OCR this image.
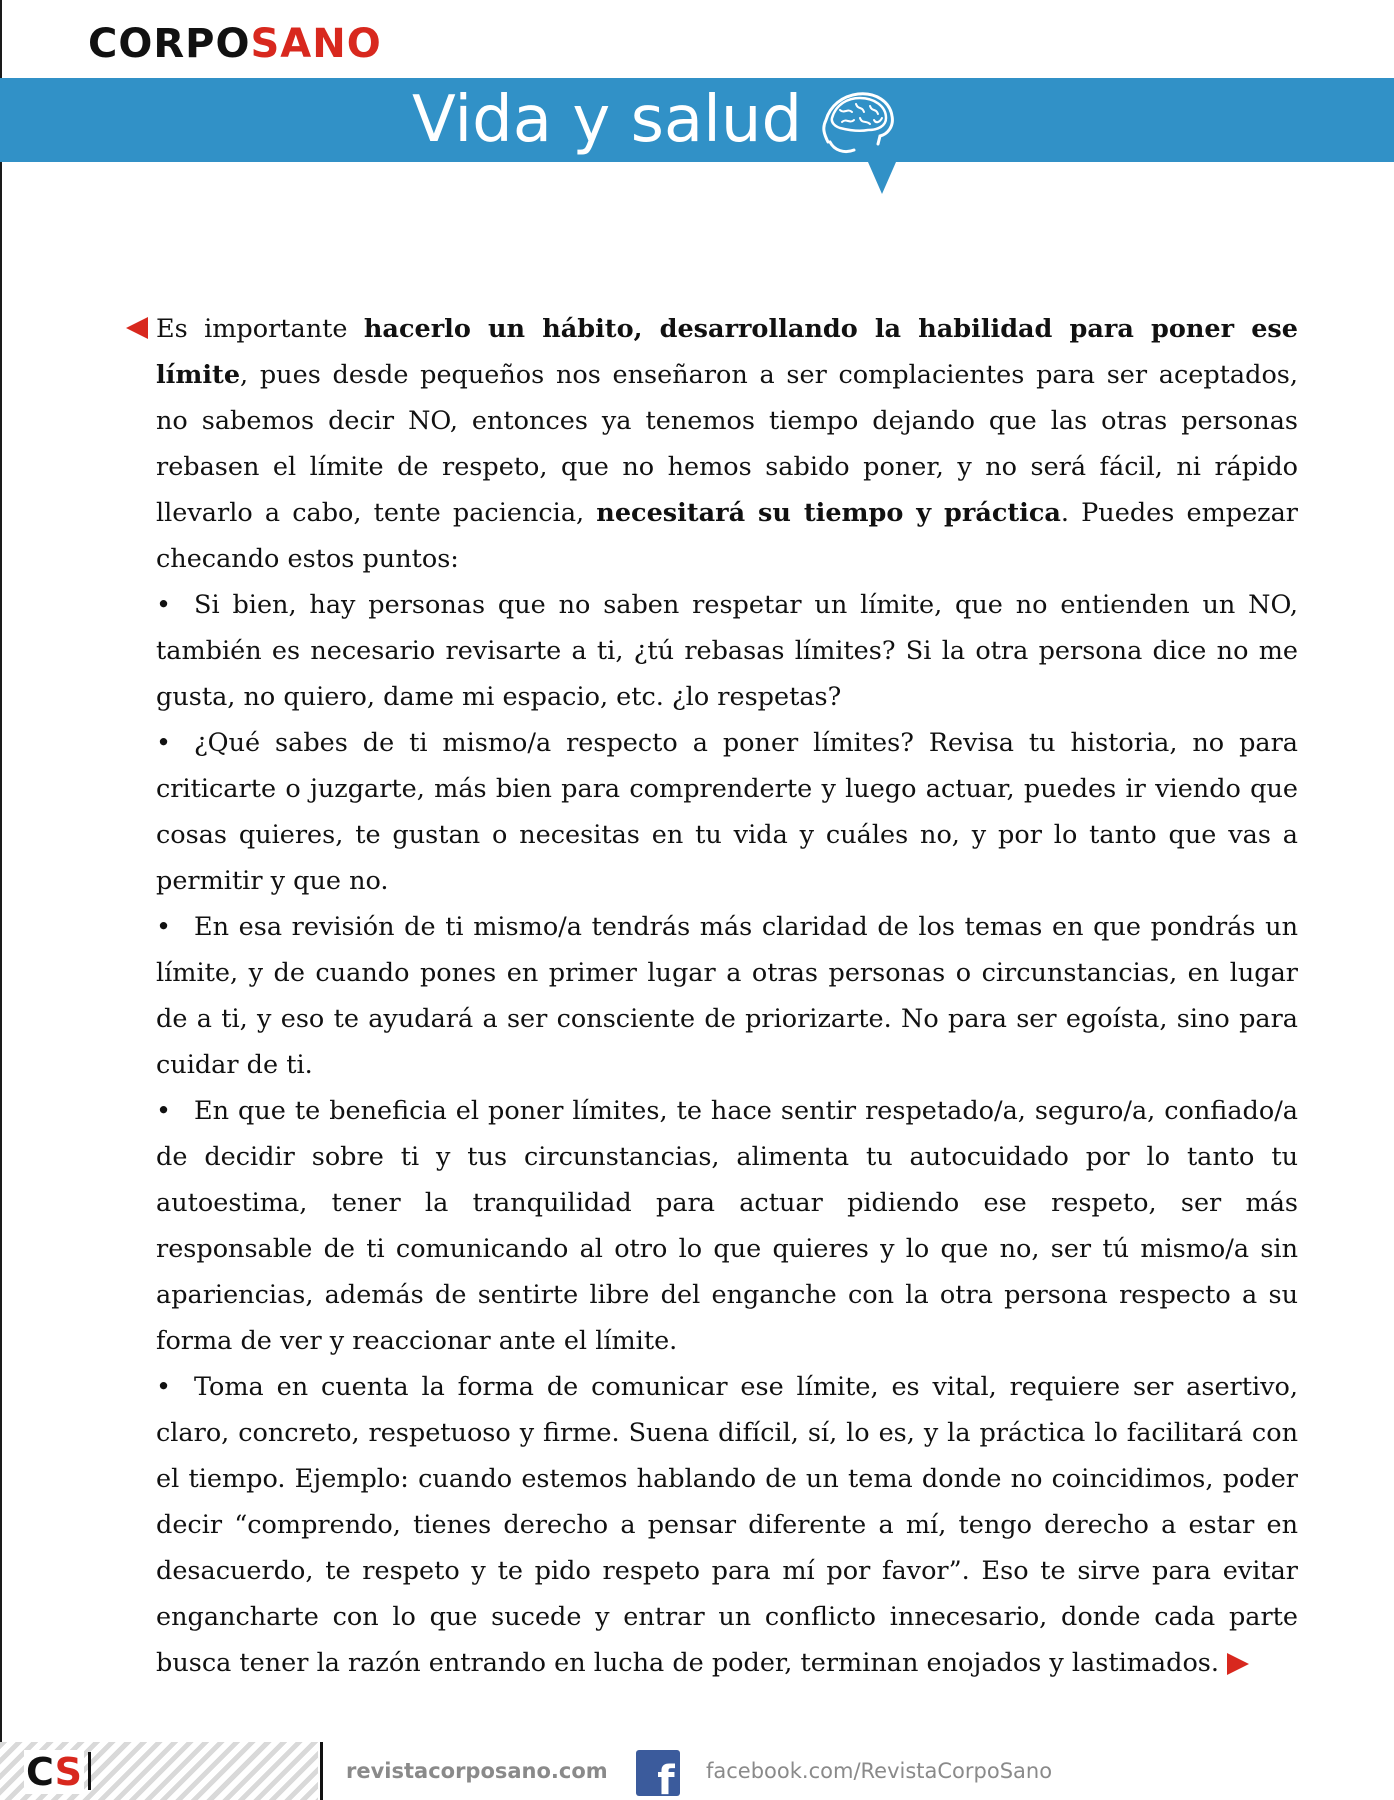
CORPOSANO
Vida y salud

Es importante hacerlo un hábito, desarrollando la habilidad para poner ese límite, pues desde pequeños nos enseñaron a ser complacientes para ser aceptados, no sabemos decir NO, entonces ya tenemos tiempo dejando que las otras personas rebasen el límite de respeto, que no hemos sabido poner, y no será fácil, ni rápido llevarlo a cabo, tente paciencia, necesitará su tiempo y práctica. Puedes empezar checando estos puntos:

• Si bien, hay personas que no saben respetar un límite, que no entienden un NO, también es necesario revisarte a ti, ¿tú rebasas límites? Si la otra persona dice no me gusta, no quiero, dame mi espacio, etc. ¿lo respetas?

• ¿Qué sabes de ti mismo/a respecto a poner límites? Revisa tu historia, no para criticarte o juzgarte, más bien para comprenderte y luego actuar, puedes ir viendo que cosas quieres, te gustan o necesitas en tu vida y cuáles no, y por lo tanto que vas a permitir y que no.

• En esa revisión de ti mismo/a tendrás más claridad de los temas en que pondrás un límite, y de cuando pones en primer lugar a otras personas o circunstancias, en lugar de a ti, y eso te ayudará a ser consciente de priorizarte. No para ser egoísta, sino para cuidar de ti.

• En que te beneficia el poner límites, te hace sentir respetado/a, seguro/a, confiado/a de decidir sobre ti y tus circunstancias, alimenta tu autocuidado por lo tanto tu autoestima, tener la tranquilidad para actuar pidiendo ese respeto, ser más responsable de ti comunicando al otro lo que quieres y lo que no, ser tú mismo/a sin apariencias, además de sentirte libre del enganche con la otra persona respecto a su forma de ver y reaccionar ante el límite.

• Toma en cuenta la forma de comunicar ese límite, es vital, requiere ser asertivo, claro, concreto, respetuoso y firme. Suena difícil, sí, lo es, y la práctica lo facilitará con el tiempo. Ejemplo: cuando estemos hablando de un tema donde no coincidimos, poder decir “comprendo, tienes derecho a pensar diferente a mí, tengo derecho a estar en desacuerdo, te respeto y te pido respeto para mí por favor”. Eso te sirve para evitar engancharte con lo que sucede y entrar un conflicto innecesario, donde cada parte busca tener la razón entrando en lucha de poder, terminan enojados y lastimados.

CS	revistacorposano.com f facebook.com/RevistaCorpoSano
